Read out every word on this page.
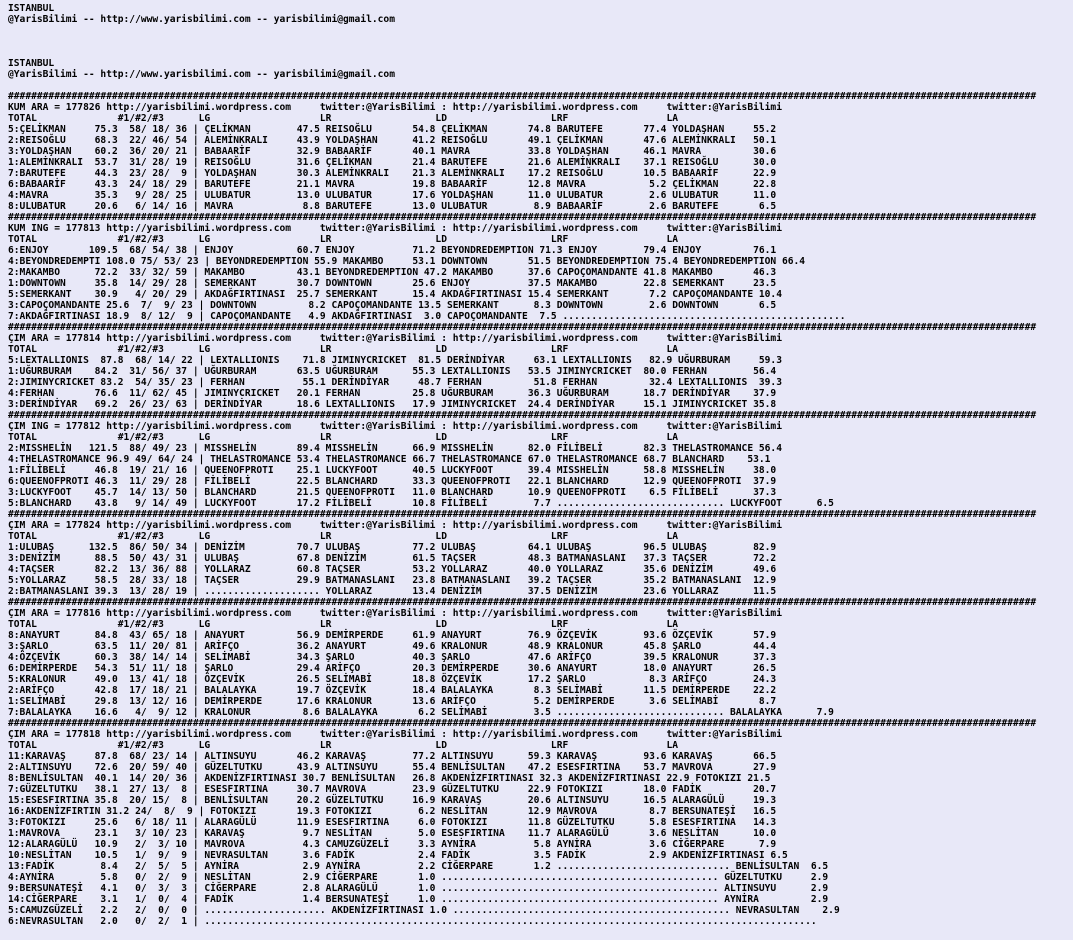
ISTANBUL
@YarisBilimi -- http://www.yarisbilimi.com -- yarisbilimi@gmail.com

ISTANBUL
@YarisBilimi -- http://www.yarisbilimi.com -- yarisbilimi@gmail.com

##################################################################################################################################################################################
KUM ARA = 177826 http://yarisbilimi.wordpress.com     twitter:@YarisBilimi : http://yarisbilimi.wordpress.com     twitter:@YarisBilimi
TOTAL              #1/#2/#3      LG                   LR                  LD                  LRF                 LA
5:ÇELİKMAN     75.3  58/ 18/ 36 | ÇELİKMAN        47.5 REISOĞLU       54.8 ÇELİKMAN       74.8 BARUTEFE       77.4 YOLDAŞHAN     55.2
2:REISOĞLU     68.3  22/ 46/ 54 | ALEMİNKRALI     43.9 YOLDAŞHAN      41.2 REISOĞLU       49.1 ÇELİKMAN       47.6 ALEMİNKRALI   50.1
3:YOLDAŞHAN    60.2  36/ 20/ 21 | BABAARİF        32.9 BABAARİF       40.1 MAVRA          33.8 YOLDAŞHAN      46.1 MAVRA         30.6
1:ALEMİNKRALI  53.7  31/ 28/ 19 | REISOĞLU        31.6 ÇELİKMAN       21.4 BARUTEFE       21.6 ALEMİNKRALI    37.1 REISOĞLU      30.0
7:BARUTEFE     44.3  23/ 28/  9 | YOLDAŞHAN       30.3 ALEMİNKRALI    21.3 ALEMİNKRALI    17.2 REISOĞLU       10.5 BABAARİF      22.9
6:BABAARİF     43.3  24/ 18/ 29 | BARUTEFE        21.1 MAVRA          19.8 BABAARİF       12.8 MAVRA           5.2 ÇELİKMAN      22.8
4:MAVRA        35.3   9/ 28/ 25 | ULUBATUR        13.0 ULUBATUR       17.6 YOLDAŞHAN      11.0 ULUBATUR        2.6 ULUBATUR      11.0
8:ULUBATUR     20.6   6/ 14/ 16 | MAVRA            8.8 BARUTEFE       13.0 ULUBATUR        8.9 BABAARİF        2.6 BARUTEFE       6.5
##################################################################################################################################################################################
KUM ING = 177813 http://yarisbilimi.wordpress.com     twitter:@YarisBilimi : http://yarisbilimi.wordpress.com     twitter:@YarisBilimi
TOTAL              #1/#2/#3      LG                   LR                  LD                  LRF                 LA
6:ENJOY       109.5  68/ 54/ 38 | ENJOY           60.7 ENJOY          71.2 BEYONDREDEMPTION 71.3 ENJOY        79.4 ENJOY         76.1
4:BEYONDREDEMPTI 108.0 75/ 53/ 23 | BEYONDREDEMPTION 55.9 MAKAMBO     53.1 DOWNTOWN       51.5 BEYONDREDEMPTION 75.4 BEYONDREDEMPTION 66.4
2:MAKAMBO      72.2  33/ 32/ 59 | MAKAMBO         43.1 BEYONDREDEMPTION 47.2 MAKAMBO      37.6 CAPOÇOMANDANTE 41.8 MAKAMBO       46.3
1:DOWNTOWN     35.8  14/ 29/ 28 | SEMERKANT       30.7 DOWNTOWN       25.6 ENJOY          37.5 MAKAMBO        22.8 SEMERKANT     23.5
5:SEMERKANT    30.9   4/ 20/ 29 | AKDAĞFIRTINASI  25.7 SEMERKANT      15.4 AKDAĞFIRTINASI 15.4 SEMERKANT       7.2 CAPOÇOMANDANTE 10.4
3:CAPOÇOMANDANTE 25.6  7/  9/ 23 | DOWNTOWN         8.2 CAPOÇOMANDANTE 13.5 SEMERKANT      8.3 DOWNTOWN        2.6 DOWNTOWN       6.5
7:AKDAĞFIRTINASI 18.9  8/ 12/  9 | CAPOÇOMANDANTE   4.9 AKDAĞFIRTINASI  3.0 CAPOÇOMANDANTE  7.5 .................................................
##################################################################################################################################################################################
ÇIM ARA = 177814 http://yarisbilimi.wordpress.com     twitter:@YarisBilimi : http://yarisbilimi.wordpress.com     twitter:@YarisBilimi
TOTAL              #1/#2/#3      LG                   LR                  LD                  LRF                 LA
5:LEXTALLIONIS  87.8  68/ 14/ 22 | LEXTALLIONIS    71.8 JIMINYCRICKET  81.5 DERİNDİYAR     63.1 LEXTALLIONIS   82.9 UĞURBURAM     59.3
1:UĞURBURAM    84.2  31/ 56/ 37 | UĞURBURAM       63.5 UĞURBURAM      55.3 LEXTALLIONIS   53.5 JIMINYCRICKET  80.0 FERHAN        56.4
2:JIMINYCRICKET 83.2  54/ 35/ 23 | FERHAN          55.1 DERİNDİYAR     48.7 FERHAN         51.8 FERHAN         32.4 LEXTALLIONIS  39.3
4:FERHAN       76.6  11/ 62/ 45 | JIMINYCRICKET   20.1 FERHAN         25.8 UĞURBURAM      36.3 UĞURBURAM      18.7 DERİNDİYAR    37.9
3:DERİNDİYAR   69.2  26/ 23/ 63 | DERİNDİYAR      18.6 LEXTALLIONIS   17.9 JIMINYCRICKET  24.4 DERİNDİYAR     15.1 JIMINYCRICKET 35.8
##################################################################################################################################################################################
ÇIM ING = 177812 http://yarisbilimi.wordpress.com     twitter:@YarisBilimi : http://yarisbilimi.wordpress.com     twitter:@YarisBilimi
TOTAL              #1/#2/#3      LG                   LR                  LD                  LRF                 LA
2:MISSHELİN   121.5  88/ 49/ 23 | MISSHELİN       89.4 MISSHELİN      66.9 MISSHELİN      82.0 FİLİBELİ       82.3 THELASTROMANCE 56.4
4:THELASTROMANCE 96.9 49/ 64/ 24 | THELASTROMANCE 53.4 THELASTROMANCE 66.7 THELASTROMANCE 67.0 THELASTROMANCE 68.7 BLANCHARD    53.1
1:FİLİBELİ     46.8  19/ 21/ 16 | QUEENOFPROTI    25.1 LUCKYFOOT      40.5 LUCKYFOOT      39.4 MISSHELİN      58.8 MISSHELİN     38.0
6:QUEENOFPROTI 46.3  11/ 29/ 28 | FİLİBELİ        22.5 BLANCHARD      33.3 QUEENOFPROTI   22.1 BLANCHARD      12.9 QUEENOFPROTI  37.9
3:LUCKYFOOT    45.7  14/ 13/ 50 | BLANCHARD       21.5 QUEENOFPROTI   11.0 BLANCHARD      10.9 QUEENOFPROTI    6.5 FİLİBELİ      37.3
5:BLANCHARD    43.8   9/ 14/ 49 | LUCKYFOOT       17.2 FİLİBELİ       10.8 FİLİBELİ        7.7 ............................. LUCKYFOOT      6.5
##################################################################################################################################################################################
ÇIM ARA = 177824 http://yarisbilimi.wordpress.com     twitter:@YarisBilimi : http://yarisbilimi.wordpress.com     twitter:@YarisBilimi
TOTAL              #1/#2/#3      LG                   LR                  LD                  LRF                 LA
1:ULUBAŞ      132.5  86/ 50/ 34 | DENİZİM         70.7 ULUBAŞ         77.2 ULUBAŞ         64.1 ULUBAŞ         96.5 ULUBAŞ        82.9
3:DENİZİM      88.5  50/ 43/ 31 | ULUBAŞ          67.8 DENİZİM        61.5 TAÇSER         48.3 BATMANASLANI   37.3 TAÇSER        72.2
4:TAÇSER       82.2  13/ 36/ 88 | YOLLARAZ        60.8 TAÇSER         53.2 YOLLARAZ       40.0 YOLLARAZ       35.6 DENİZİM       49.6
5:YOLLARAZ     58.5  28/ 33/ 18 | TAÇSER          29.9 BATMANASLANI   23.8 BATMANASLANI   39.2 TAÇSER         35.2 BATMANASLANI  12.9
2:BATMANASLANI 39.3  13/ 28/ 19 | .................... YOLLARAZ       13.4 DENİZİM        37.5 DENİZİM        23.6 YOLLARAZ      11.5
##################################################################################################################################################################################
ÇIM ARA = 177816 http://yarisbilimi.wordpress.com     twitter:@YarisBilimi : http://yarisbilimi.wordpress.com     twitter:@YarisBilimi
TOTAL              #1/#2/#3      LG                   LR                  LD                  LRF                 LA
8:ANAYURT      84.8  43/ 65/ 18 | ANAYURT         56.9 DEMİRPERDE     61.9 ANAYURT        76.9 ÖZÇEVİK        93.6 ÖZÇEVİK       57.9
3:ŞARLO        63.5  11/ 20/ 81 | ARİFÇO          36.2 ANAYURT        49.6 KRALONUR       48.9 KRALONUR       45.8 ŞARLO         44.4
4:ÖZÇEVİK      60.3  38/ 14/ 14 | SELİMABİ        34.3 ŞARLO          40.3 ŞARLO          47.6 ARİFÇO         39.5 KRALONUR      37.3
6:DEMİRPERDE   54.3  51/ 11/ 18 | ŞARLO           29.4 ARİFÇO         20.3 DEMİRPERDE     30.6 ANAYURT        18.0 ANAYURT       26.5
5:KRALONUR     49.0  13/ 41/ 18 | ÖZÇEVİK         26.5 SELİMABİ       18.8 ÖZÇEVİK        17.2 ŞARLO           8.3 ARİFÇO        24.3
2:ARİFÇO       42.8  17/ 18/ 21 | BALALAYKA       19.7 ÖZÇEVİK        18.4 BALALAYKA       8.3 SELİMABİ       11.5 DEMİRPERDE    22.2
1:SELİMABİ     29.8  13/ 12/ 16 | DEMİRPERDE      17.6 KRALONUR       13.6 ARİFÇO          5.2 DEMİRPERDE      3.6 SELİMABİ       8.7
7:BALALAYKA    16.6   4/  9/ 12 | KRALONUR         8.6 BALALAYKA       6.2 SELİMABİ        3.5 ............................. BALALAYKA      7.9
##################################################################################################################################################################################
ÇIM ARA = 177818 http://yarisbilimi.wordpress.com     twitter:@YarisBilimi : http://yarisbilimi.wordpress.com     twitter:@YarisBilimi
TOTAL              #1/#2/#3      LG                   LR                  LD                  LRF                 LA
11:KARAVAŞ     87.8  68/ 23/ 14 | ALTINSUYU       46.2 KARAVAŞ        77.2 ALTINSUYU      59.3 KARAVAŞ        93.6 KARAVAŞ       66.5
2:ALTINSUYU    72.6  20/ 59/ 40 | GÜZELTUTKU      43.9 ALTINSUYU      55.4 BENLİSULTAN    47.2 ESESFIRTINA    53.7 MAVROVA       27.9
8:BENLİSULTAN  40.1  14/ 20/ 36 | AKDENİZFIRTINASI 30.7 BENLİSULTAN   26.8 AKDENİZFIRTINASI 32.3 AKDENİZFIRTINASI 22.9 FOTOKIZI 21.5
7:GÜZELTUTKU   38.1  27/ 13/  8 | ESESFIRTINA     30.7 MAVROVA        23.9 GÜZELTUTKU     22.9 FOTOKIZI       18.0 FADİK         20.7
15:ESESFIRTINA 35.8  20/ 15/  8 | BENLİSULTAN     20.2 GÜZELTUTKU     16.9 KARAVAŞ        20.6 ALTINSUYU      16.5 ALARAGÜLÜ     19.3
16:AKDENİZFIRTIN 31.2 24/  8/  9 | FOTOKIZI       19.3 FOTOKIZI        6.2 NESLİTAN       12.9 MAVROVA         8.7 BERSUNATEŞİ   16.5
3:FOTOKIZI     25.6   6/ 18/ 11 | ALARAGÜLÜ       11.9 ESESFIRTINA     6.0 FOTOKIZI       11.8 GÜZELTUTKU      5.8 ESESFIRTINA   14.3
1:MAVROVA      23.1   3/ 10/ 23 | KARAVAŞ          9.7 NESLİTAN        5.0 ESESFIRTINA    11.7 ALARAGÜLÜ       3.6 NESLİTAN      10.0
12:ALARAGÜLÜ   10.9   2/  3/ 10 | MAVROVA          4.3 CAMUZGÜZELİ     3.3 AYNİRA          5.8 AYNİRA          3.6 CİĞERPARE      7.9
10:NESLİTAN    10.5   1/  9/  9 | NEVRASULTAN      3.6 FADİK           2.4 FADİK           3.5 FADİK           2.9 AKDENİZFIRTINASI 6.5
13:FADİK        8.4   2/  5/  5 | AYNİRA           2.9 AYNİRA          2.2 CİĞERPARE       1.2 .............................. BENLİSULTAN  6.5
4:AYNİRA        5.8   0/  2/  9 | NESLİTAN         2.9 CİĞERPARE       1.0 ................................................ GÜZELTUTKU     2.9
9:BERSUNATEŞİ   4.1   0/  3/  3 | CİĞERPARE        2.8 ALARAGÜLÜ       1.0 ................................................ ALTINSUYU      2.9
14:CİĞERPARE    3.1   1/  0/  4 | FADİK            1.4 BERSUNATEŞİ     1.0 ................................................ AYNİRA         2.9
5:CAMUZGÜZELİ   2.2   2/  0/  0 | ..................... AKDENİZFIRTINASI 1.0 ................................................ NEVRASULTAN    2.9
6:NEVRASULTAN   2.0   0/  2/  1 | ..........................................................................................................
